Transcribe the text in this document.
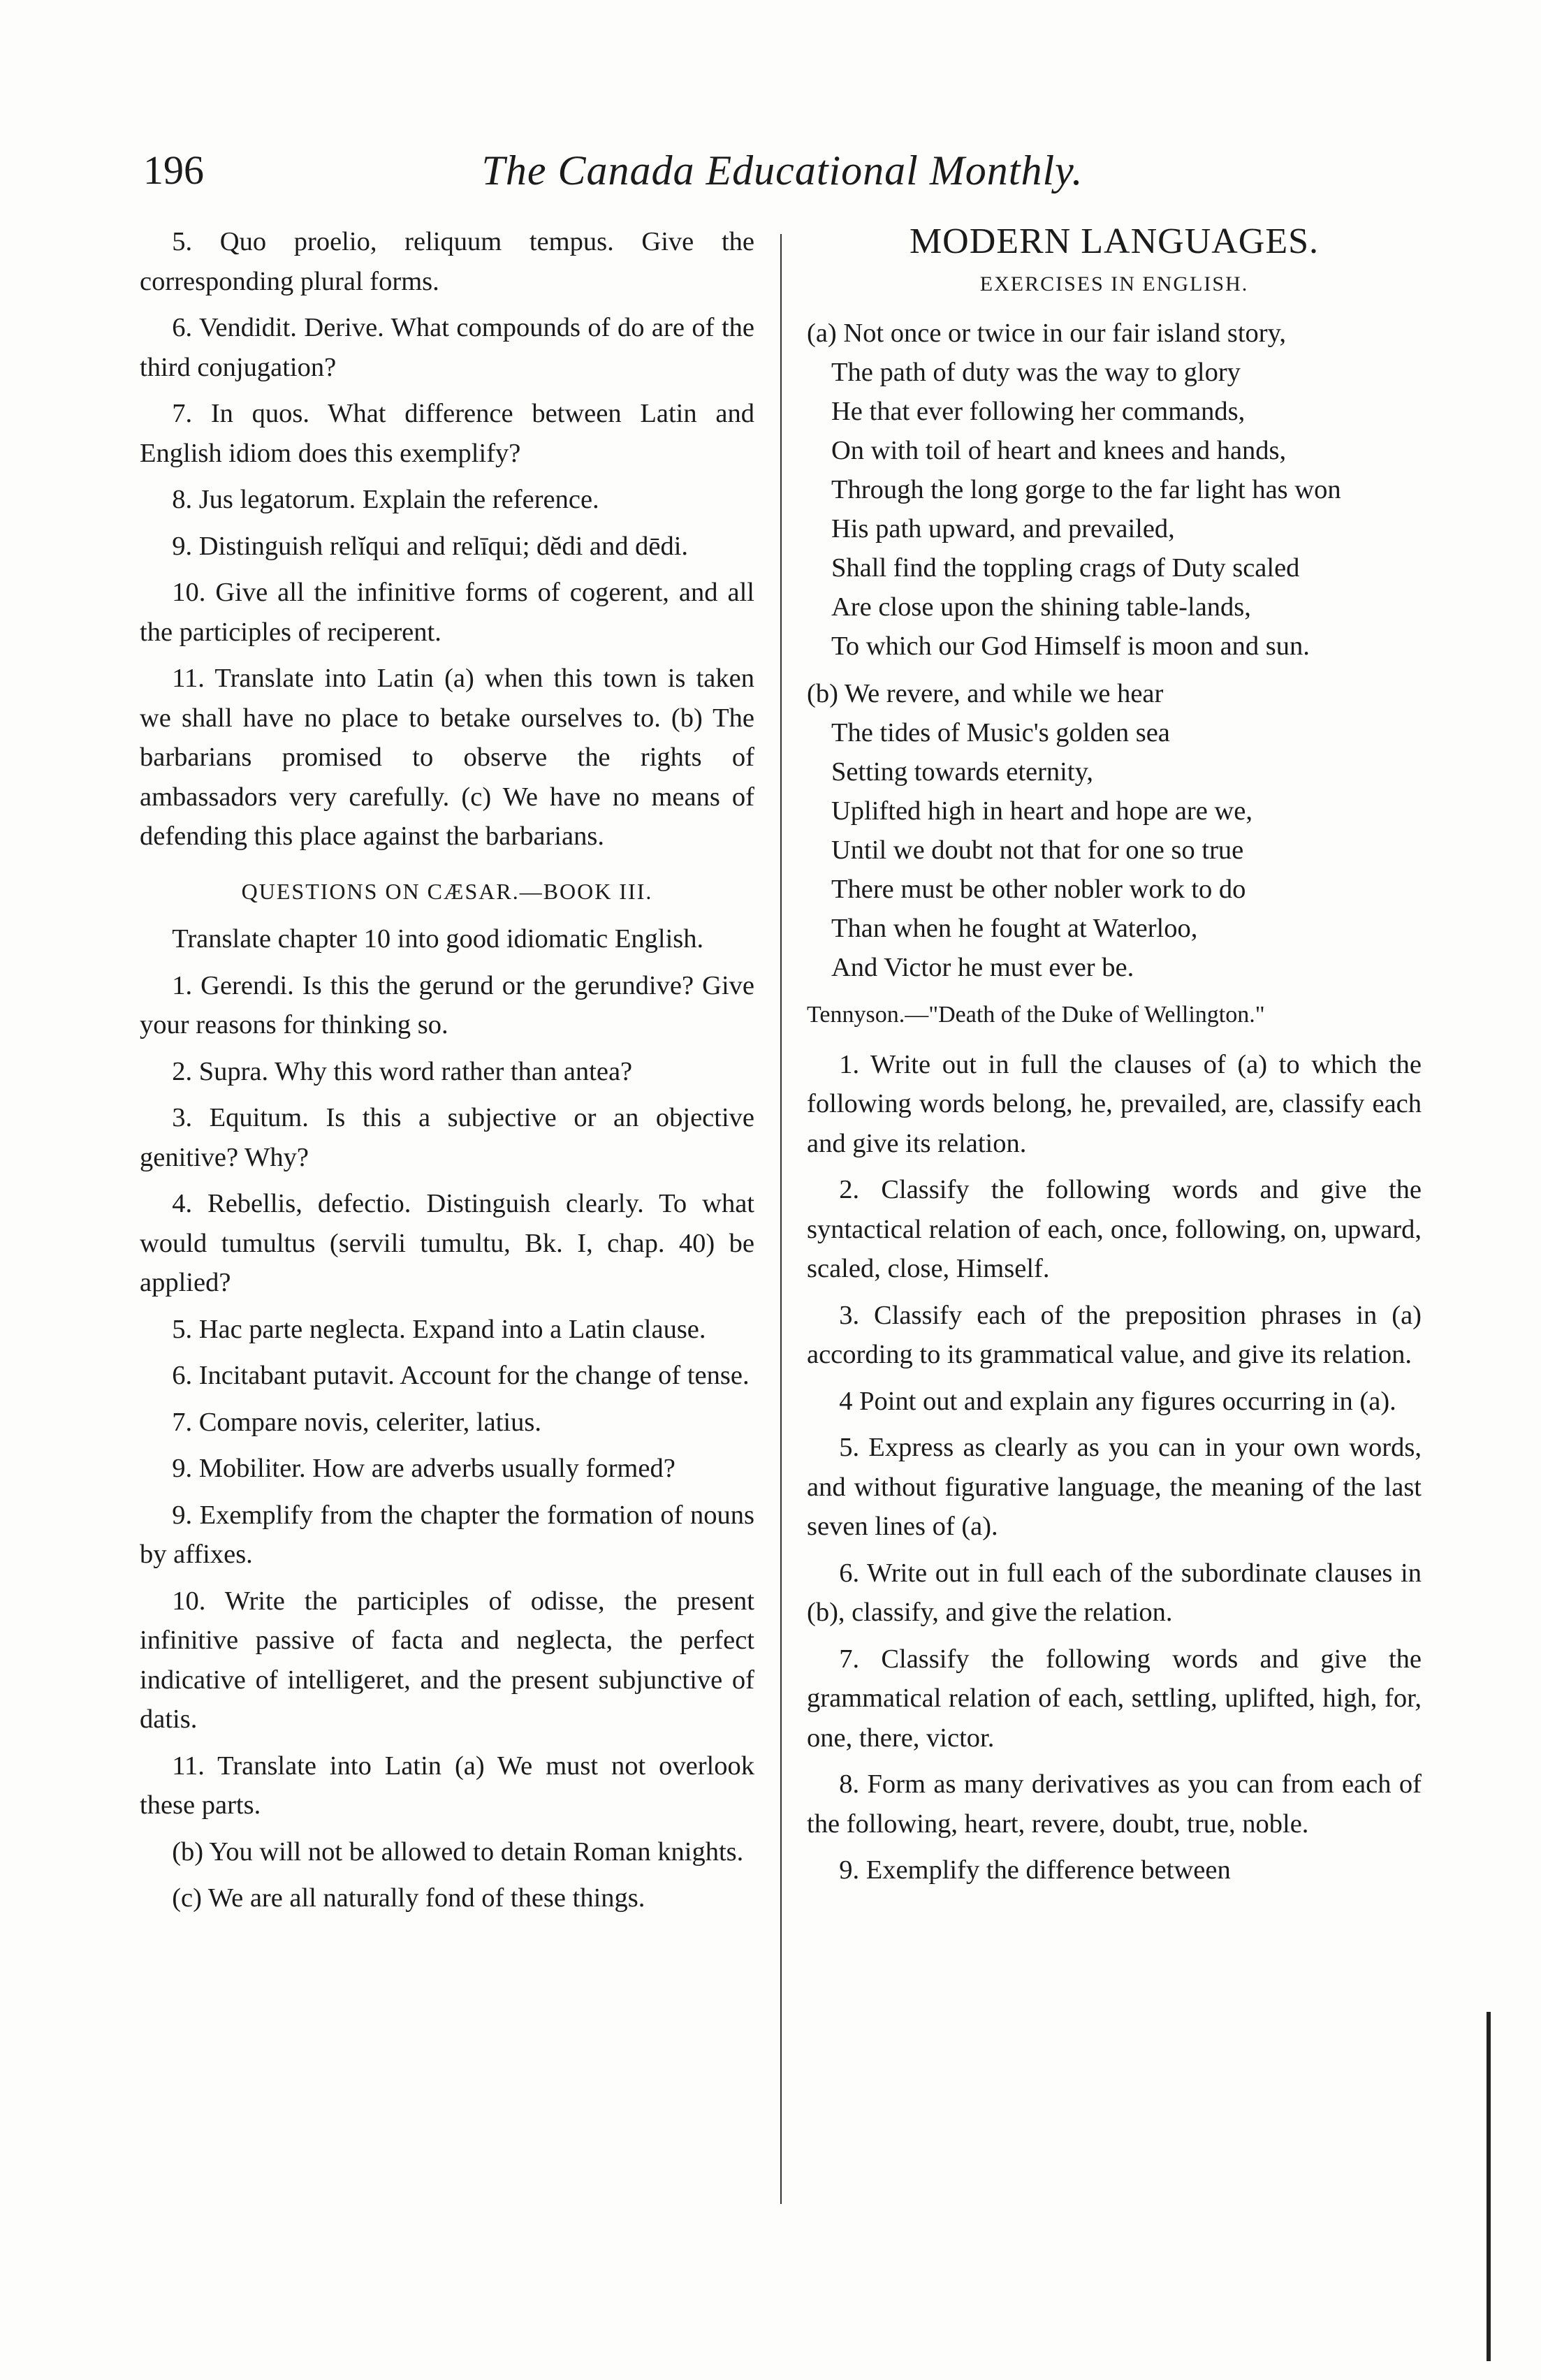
196	The Canada Educational Monthly.

5. Quo proelio, reliquum tempus. Give the corresponding plural forms.

6. Vendidit. Derive. What compounds of do are of the third conjugation?

7. In quos. What difference between Latin and English idiom does this exemplify?

8. Jus legatorum. Explain the reference.

9. Distinguish relĭqui and relīqui; dĕdi and dēdi.

10. Give all the infinitive forms of cogerent, and all the participles of reciperent.

11. Translate into Latin (a) when this town is taken we shall have no place to betake ourselves to. (b) The barbarians promised to observe the rights of ambassadors very carefully. (c) We have no means of defending this place against the barbarians.

QUESTIONS ON CÆSAR.—BOOK III.

Translate chapter 10 into good idiomatic English.

1. Gerendi. Is this the gerund or the gerundive? Give your reasons for thinking so.

2. Supra. Why this word rather than antea?

3. Equitum. Is this a subjective or an objective genitive? Why?

4. Rebellis, defectio. Distinguish clearly. To what would tumultus (servili tumultu, Bk. I, chap. 40) be applied?

5. Hac parte neglecta. Expand into a Latin clause.

6. Incitabant putavit. Account for the change of tense.

7. Compare novis, celeriter, latius.

9. Mobiliter. How are adverbs usually formed?

9. Exemplify from the chapter the formation of nouns by affixes.

10. Write the participles of odisse, the present infinitive passive of facta and neglecta, the perfect indicative of intelligeret, and the present subjunctive of datis.

11. Translate into Latin (a) We must not overlook these parts.

(b) You will not be allowed to detain Roman knights.

(c) We are all naturally fond of these things.

MODERN LANGUAGES.
EXERCISES IN ENGLISH.
(a) Not once or twice in our fair island story,
The path of duty was the way to glory
He that ever following her commands,
On with toil of heart and knees and hands,
Through the long gorge to the far light has won
His path upward, and prevailed,
Shall find the toppling crags of Duty scaled
Are close upon the shining table-lands,
To which our God Himself is moon and sun.
(b) We revere, and while we hear
The tides of Music's golden sea
Setting towards eternity,
Uplifted high in heart and hope are we,
Until we doubt not that for one so true
There must be other nobler work to do
Than when he fought at Waterloo,
And Victor he must ever be.
Tennyson.—"Death of the Duke of Wellington."

1. Write out in full the clauses of (a) to which the following words belong, he, prevailed, are, classify each and give its relation.

2. Classify the following words and give the syntactical relation of each, once, following, on, upward, scaled, close, Himself.

3. Classify each of the preposition phrases in (a) according to its grammatical value, and give its relation.

4 Point out and explain any figures occurring in (a).

5. Express as clearly as you can in your own words, and without figurative language, the meaning of the last seven lines of (a).

6. Write out in full each of the subordinate clauses in (b), classify, and give the relation.

7. Classify the following words and give the grammatical relation of each, settling, uplifted, high, for, one, there, victor.

8. Form as many derivatives as you can from each of the following, heart, revere, doubt, true, noble.

9. Exemplify the difference between
